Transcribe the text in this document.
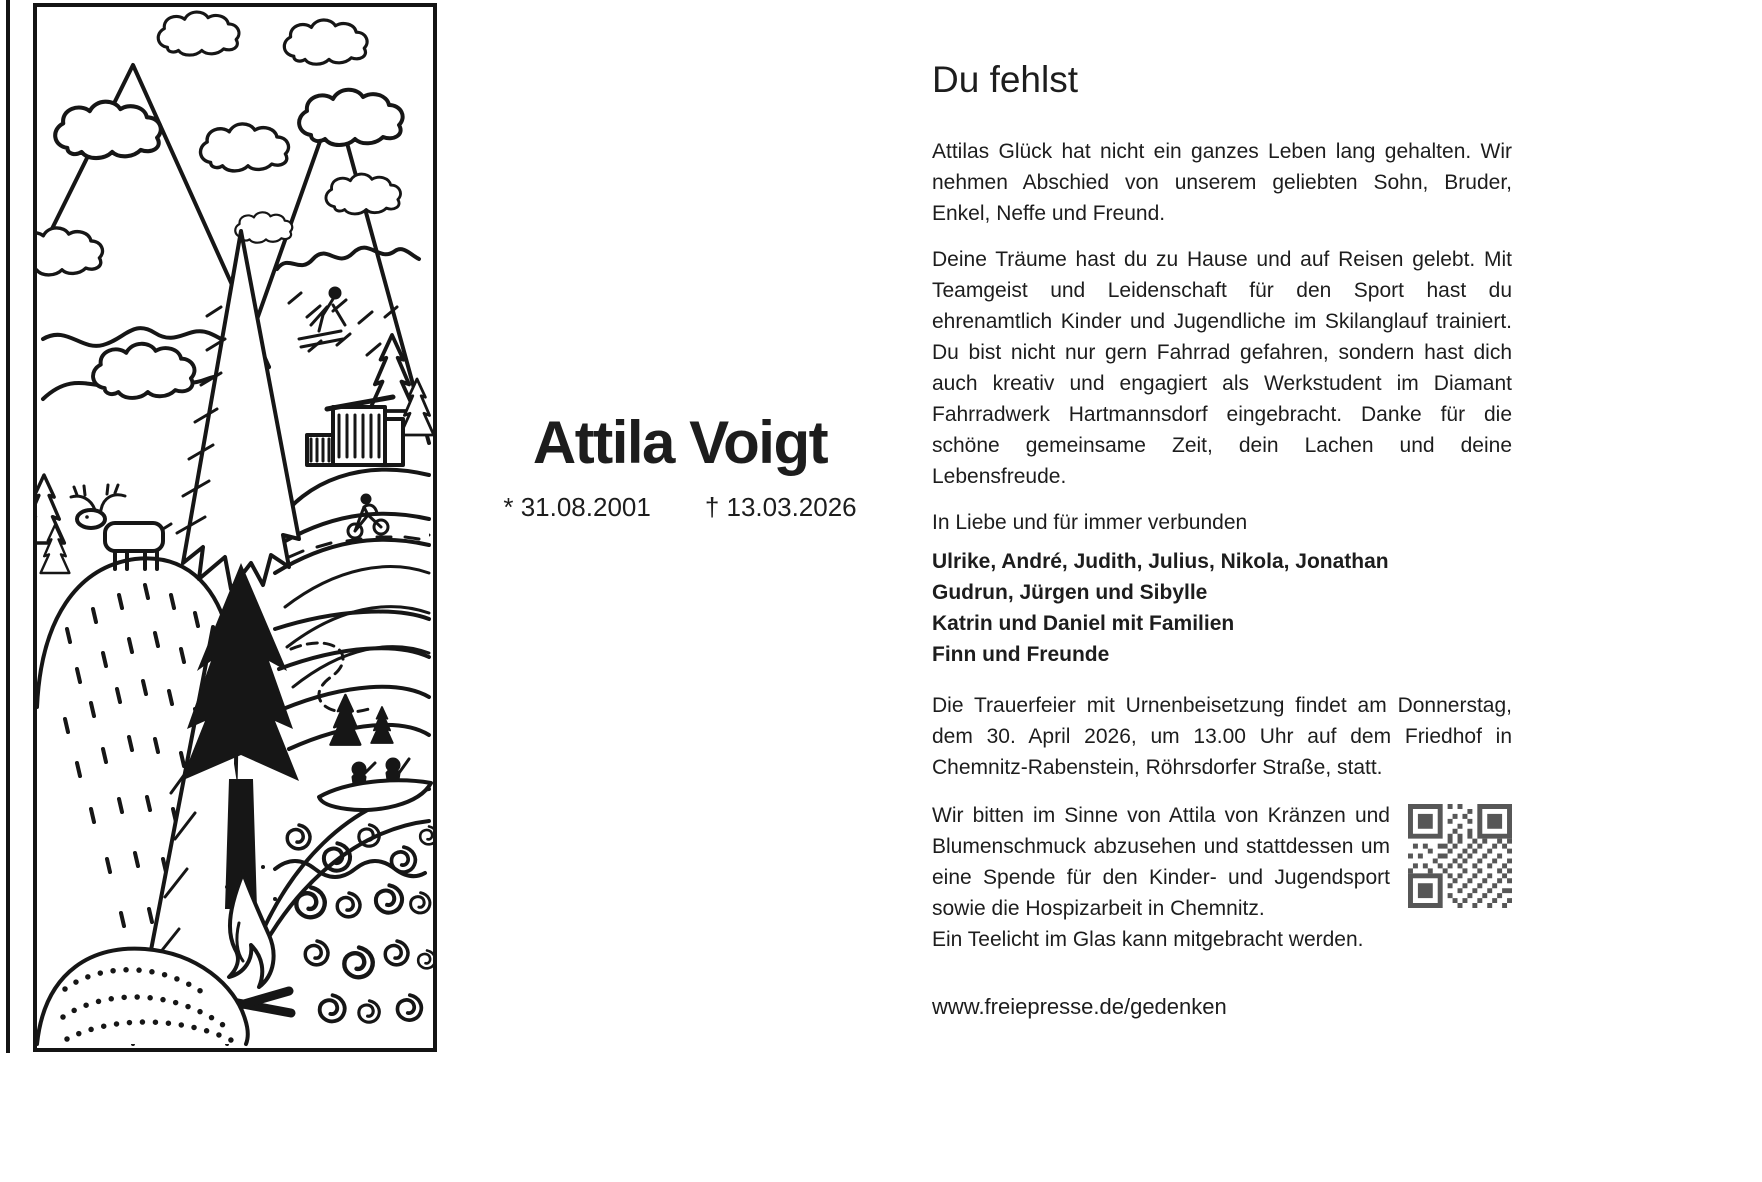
Attila Voigt
* 31.08.2001 † 13.03.2026
Du fehlst

Attilas Glück hat nicht ein ganzes Leben lang gehalten. Wir nehmen Abschied von unserem geliebten Sohn, Bruder, Enkel, Neffe und Freund.

Deine Träume hast du zu Hause und auf Reisen gelebt. Mit Teamgeist und Leidenschaft für den Sport hast du ehrenamtlich Kinder und Jugendliche im Skilanglauf trainiert. Du bist nicht nur gern Fahrrad gefahren, sondern hast dich auch kreativ und engagiert als Werkstudent im Diamant Fahrradwerk Hartmannsdorf eingebracht. Danke für die schöne gemeinsame Zeit, dein Lachen und deine Lebensfreude.

In Liebe und für immer verbunden

Ulrike, André, Judith, Julius, Nikola, Jonathan
Gudrun, Jürgen und Sibylle
Katrin und Daniel mit Familien
Finn und Freunde

Die Trauerfeier mit Urnenbeisetzung findet am Donnerstag, dem 30. April 2026, um 13.00 Uhr auf dem Friedhof in Chemnitz-Rabenstein, Röhrsdorfer Straße, statt.

Wir bitten im Sinne von Attila von Kränzen und Blumenschmuck abzusehen und stattdessen um eine Spende für den Kinder- und Jugendsport sowie die Hospizarbeit in Chemnitz.

Ein Teelicht im Glas kann mitgebracht werden.

www.freiepresse.de/gedenken
